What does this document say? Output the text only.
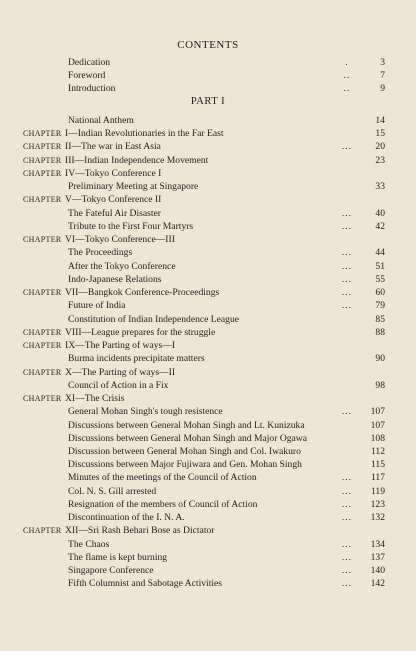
CONTENTS
PART I
Dedication	.	3
Foreword	..	7
Introduction	..	9
National Anthem	14
CHAPTER I—Indian Revolutionaries in the Far East	15
CHAPTER II—The war in East Asia	... 20
CHAPTER III—Indian Independence Movement	23
CHAPTER IV—Tokyo Conference I
Preliminary Meeting at Singapore	33
CHAPTER V—Tokyo Conference II
The Fateful Air Disaster	... 40
Tribute to the First Four Martyrs	... 42
CHAPTER VI—Tokyo Conference—III
The Proceedings	... 44
After the Tokyo Conference	... 51
Indo-Japanese Relations	... 55
CHAPTER VII—Bangkok Conference-Proceedings	... 60
Future of India	... 79
Constitution of Indian Independence League	85
CHAPTER VIII—League prepares for the struggle	88
CHAPTER IX—The Parting of ways—I
Burma incidents precipitate matters	90
CHAPTER X—The Parting of ways—II
Council of Action in a Fix	98
CHAPTER XI—The Crisis
General Mohan Singh's tough resistence	... 107
Discussions between General Mohan Singh and Lt. Kunizuka	107
Discussions between General Mohan Singh and Major Ogawa	108
Discussion between General Mohan Singh and Col. Iwakuro	112
Discussions between Major Fujiwara and Gen. Mohan Singh	115
Minutes of the meetings of the Council of Action	... 117
Col. N. S. Gill arrested	... 119
Resignation of the members of Council of Action	... 123
Discontinuation of the I. N. A.	... 132
CHAPTER XII—Sri Rash Behari Bose as Dictator
The Chaos	... 134
The flame is kept burning	... 137
Singapore Conference	... 140
Fifth Columnist and Sabotage Activities	... 142
